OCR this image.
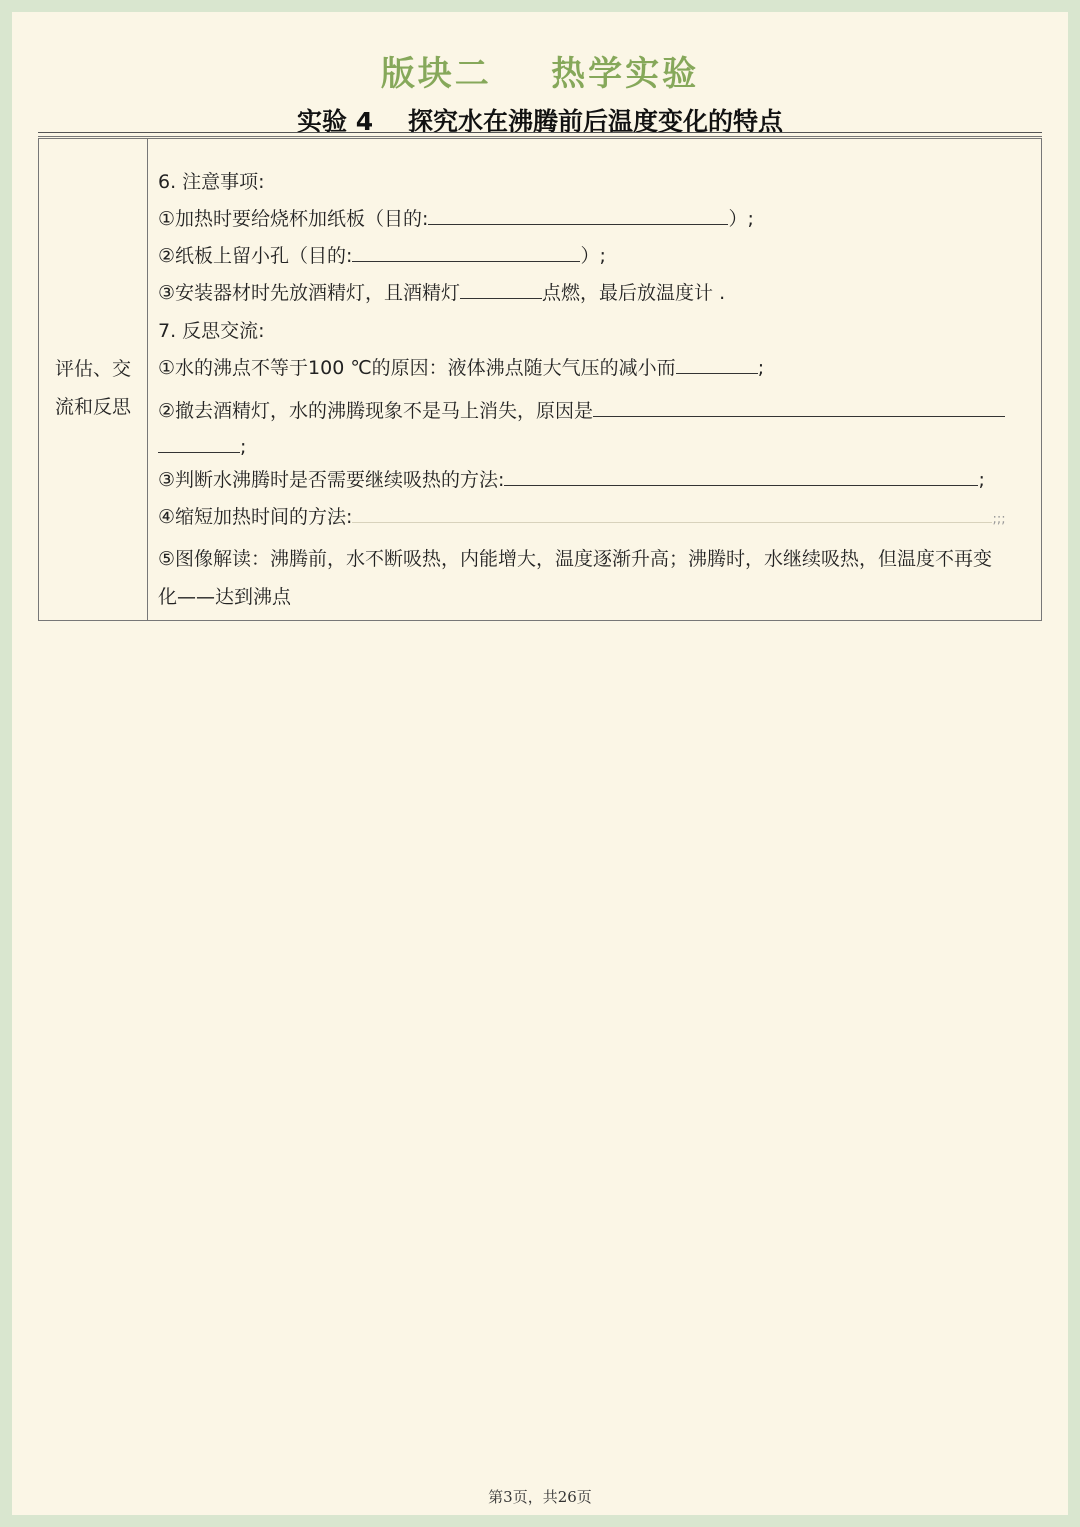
版块二    热学实验
实验 4    探究水在沸腾前后温度变化的特点
评估、交
流和反思
6. 注意事项:
①加热时要给烧杯加纸板（目的:	）;
②纸板上留小孔（目的:	）;
③安装器材时先放酒精灯，且酒精灯	点燃，最后放温度计 .
7. 反思交流:
①水的沸点不等于100 ℃的原因：液体沸点随大气压的减小而	;
②撤去酒精灯，水的沸腾现象不是马上消失，原因是
;
③判断水沸腾时是否需要继续吸热的方法:	;
④缩短加热时间的方法:	;;;
⑤图像解读：沸腾前，水不断吸热，内能增大，温度逐渐升高；沸腾时，水继续吸热，但温度不再变
化——达到沸点
第3页，共26页
